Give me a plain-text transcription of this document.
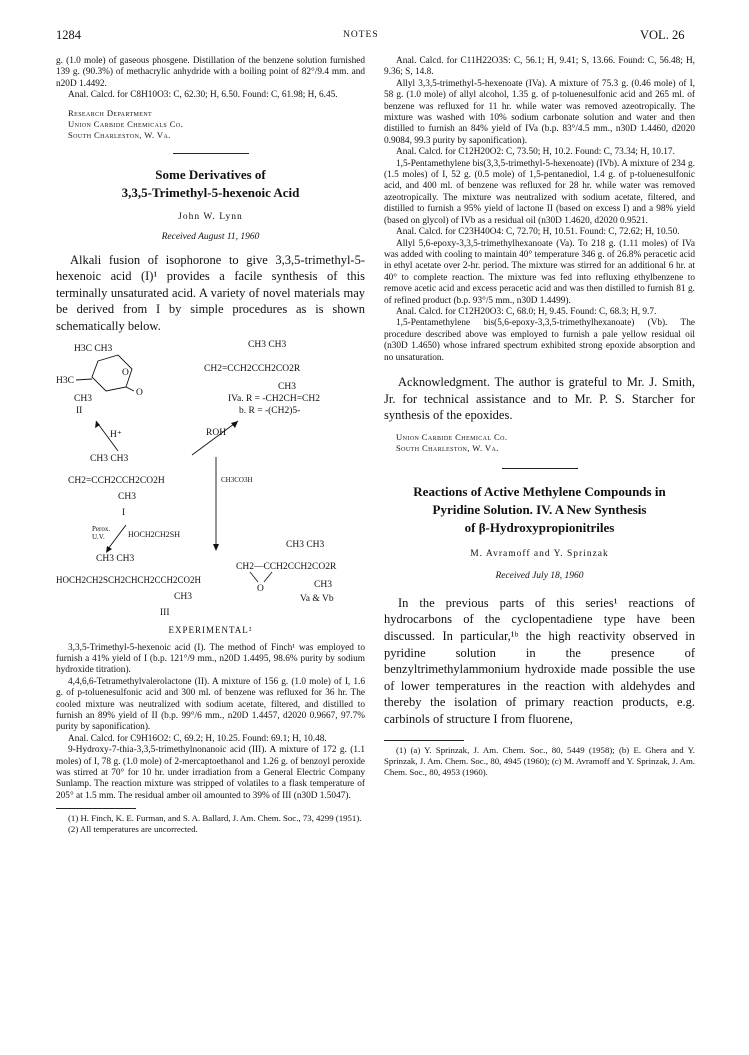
1284	NOTES	VOL. 26

g. (1.0 mole) of gaseous phosgene. Distillation of the benzene solution furnished 139 g. (90.3%) of methacrylic anhydride with a boiling point of 82°/9.4 mm. and n20D 1.4492.

Anal. Calcd. for C8H10O3: C, 62.30; H, 6.50. Found: C, 61.98; H, 6.45.

Research Department

Union Carbide Chemicals Co.

South Charleston, W. Va.

Some Derivatives of

3,3,5-Trimethyl-5-hexenoic Acid

John W. Lynn

Received August 11, 1960

Alkali fusion of isophorone to give 3,3,5-trimethyl-5-hexenoic acid (I)¹ provides a facile synthesis of this terminally unsaturated acid. A variety of novel materials may be derived from I by simple procedures as is shown schematically below.

H3C CH3
O
H3C
O
CH3
II
CH3 CH3
CH2=CCH2CCH2CO2R
CH3
IVa. R = -CH2CH=CH2
b. R = -(CH2)5-
H⁺	ROH
CH3 CH3
CH2=CCH2CCH2CO2H
CH3
I
CH3CO3H
Perox.
U.V.	HOCH2CH2SH
CH3 CH3
HOCH2CH2SCH2CHCH2CCH2CO2H
CH3
III
CH3 CH3
CH2—CCH2CCH2CO2R
O	CH3
Va & Vb

EXPERIMENTAL²

3,3,5-Trimethyl-5-hexenoic acid (I). The method of Finch¹ was employed to furnish a 41% yield of I (b.p. 121°/9 mm., n20D 1.4495, 98.6% purity by sodium hydroxide titration).

4,4,6,6-Tetramethylvalerolactone (II). A mixture of 156 g. (1.0 mole) of I, 1.6 g. of p-toluenesulfonic acid and 300 ml. of benzene was refluxed for 36 hr. The cooled mixture was neutralized with sodium acetate, filtered, and distilled to furnish an 89% yield of II (b.p. 99°/6 mm., n20D 1.4457, d2020 0.9667, 97.7% purity by saponification).

Anal. Calcd. for C9H16O2: C, 69.2; H, 10.25. Found: 69.1; H, 10.48.

9-Hydroxy-7-thia-3,3,5-trimethylnonanoic acid (III). A mixture of 172 g. (1.1 moles) of I, 78 g. (1.0 mole) of 2-mercaptoethanol and 1.26 g. of benzoyl peroxide was stirred at 70° for 10 hr. under irradiation from a General Electric Company Sunlamp. The reaction mixture was stripped of volatiles to a flask temperature of 205° at 1.5 mm. The residual amber oil amounted to 39% of III (n30D 1.5047).

(1) H. Finch, K. E. Furman, and S. A. Ballard, J. Am. Chem. Soc., 73, 4299 (1951).

(2) All temperatures are uncorrected.

Anal. Calcd. for C11H22O3S: C, 56.1; H, 9.41; S, 13.66. Found: C, 56.48; H, 9.36; S, 14.8.

Allyl 3,3,5-trimethyl-5-hexenoate (IVa). A mixture of 75.3 g. (0.46 mole) of I, 58 g. (1.0 mole) of allyl alcohol, 1.35 g. of p-toluenesulfonic acid and 265 ml. of benzene was refluxed for 11 hr. while water was removed azeotropically. The mixture was washed with 10% sodium carbonate solution and water and then distilled to furnish an 84% yield of IVa (b.p. 83°/4.5 mm., n30D 1.4460, d2020 0.9084, 99.3 purity by saponification).

Anal. Calcd. for C12H20O2: C, 73.50; H, 10.2. Found: C, 73.34; H, 10.17.

1,5-Pentamethylene bis(3,3,5-trimethyl-5-hexenoate) (IVb). A mixture of 234 g. (1.5 moles) of I, 52 g. (0.5 mole) of 1,5-pentanediol, 1.4 g. of p-toluenesulfonic acid, and 400 ml. of benzene was refluxed for 28 hr. while water was removed azeotropically. The mixture was neutralized with sodium acetate, filtered, and distilled to furnish a 95% yield of lactone II (based on excess I) and a 98% yield (based on glycol) of IVb as a residual oil (n30D 1.4620, d2020 0.9521.

Anal. Calcd. for C23H40O4: C, 72.70; H, 10.51. Found: C, 72.62; H, 10.50.

Allyl 5,6-epoxy-3,3,5-trimethylhexanoate (Va). To 218 g. (1.11 moles) of IVa was added with cooling to maintain 40° temperature 346 g. of 26.8% peracetic acid in ethyl acetate over 2-hr. period. The mixture was stirred for an additional 6 hr. at 40° to complete reaction. The mixture was fed into refluxing ethylbenzene to remove acetic acid and excess peracetic acid and was then distilled to furnish 81 g. of refined product (b.p. 93°/5 mm., n30D 1.4499).

Anal. Calcd. for C12H20O3: C, 68.0; H, 9.45. Found: C, 68.3; H, 9.7.

1,5-Pentamethylene bis(5,6-epoxy-3,3,5-trimethylhexanoate) (Vb). The procedure described above was employed to furnish a pale yellow residual oil (n30D 1.4650) whose infrared spectrum exhibited strong epoxide absorption and no unsaturation.

Acknowledgment. The author is grateful to Mr. J. Smith, Jr. for technical assistance and to Mr. P. S. Starcher for synthesis of the epoxides.

Union Carbide Chemical Co.

South Charleston, W. Va.

Reactions of Active Methylene Compounds in

Pyridine Solution. IV. A New Synthesis

of β-Hydroxypropionitriles

M. Avramoff and Y. Sprinzak

Received July 18, 1960

In the previous parts of this series¹ reactions of hydrocarbons of the cyclopentadiene type have been discussed. In particular,¹ᵇ the high reactivity observed in pyridine solution in the presence of benzyltrimethylammonium hydroxide made possible the use of lower temperatures in the reaction with aldehydes and thereby the isolation of primary reaction products, e.g. carbinols of structure I from fluorene,

(1) (a) Y. Sprinzak, J. Am. Chem. Soc., 80, 5449 (1958); (b) E. Ghera and Y. Sprinzak, J. Am. Chem. Soc., 80, 4945 (1960); (c) M. Avramoff and Y. Sprinzak, J. Am. Chem. Soc., 80, 4953 (1960).
